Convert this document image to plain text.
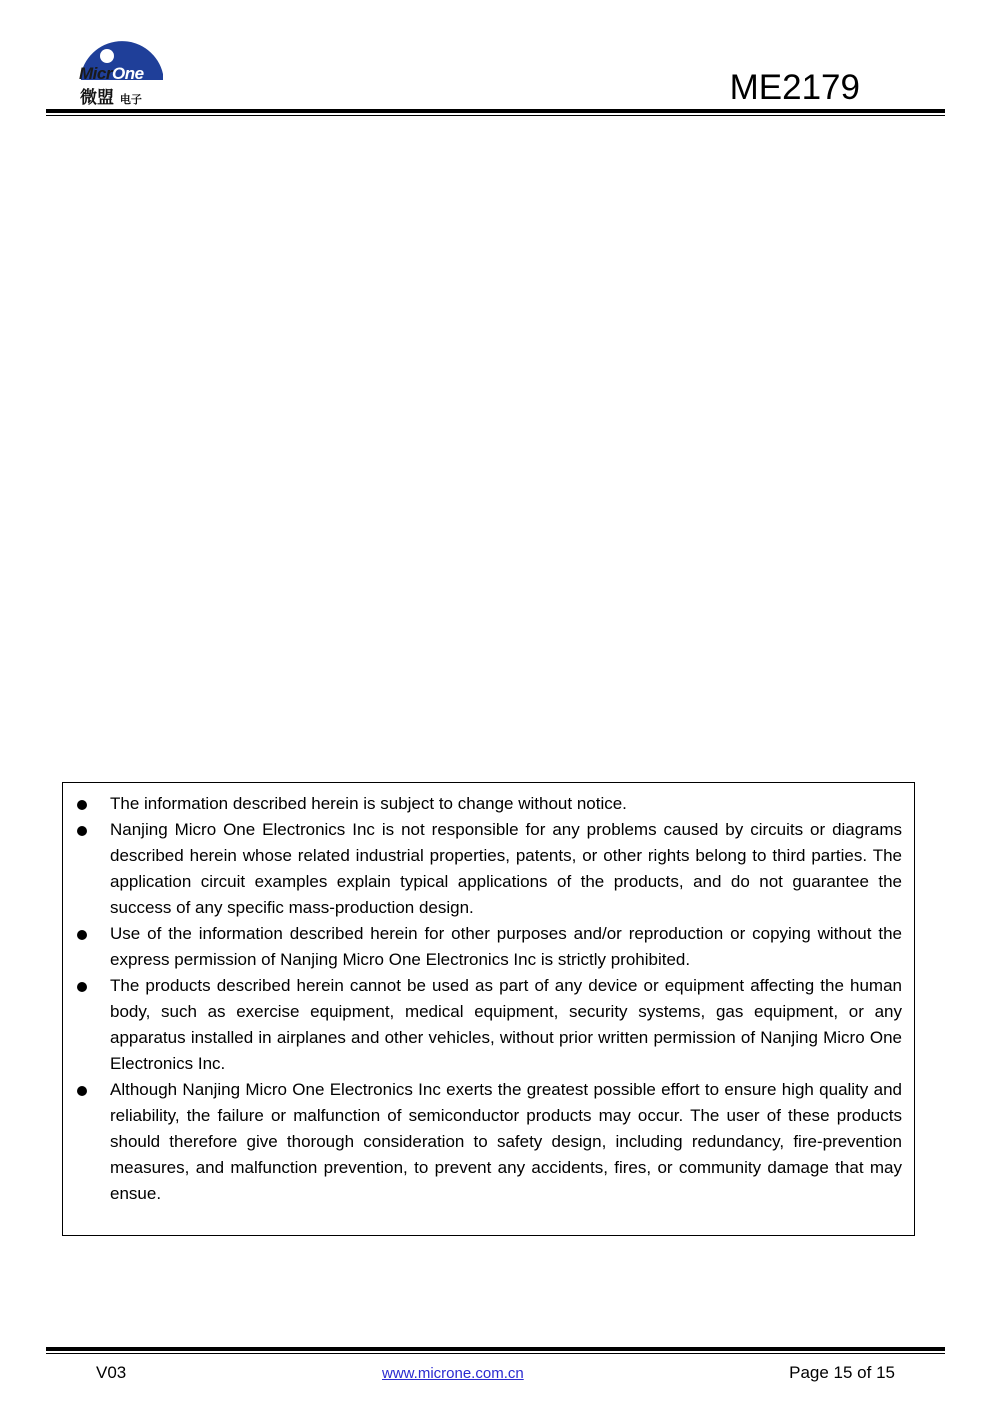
MicrOne
微盟 电子	ME2179
The information described herein is subject to change without notice.
Nanjing Micro One Electronics Inc is not responsible for any problems caused by circuits or diagrams described herein whose related industrial properties, patents, or other rights belong to third parties. The application circuit examples explain typical applications of the products, and do not guarantee the success of any specific mass-production design.
Use of the information described herein for other purposes and/or reproduction or copying without the express permission of Nanjing Micro One Electronics Inc is strictly prohibited.
The products described herein cannot be used as part of any device or equipment affecting the human body, such as exercise equipment, medical equipment, security systems, gas equipment, or any apparatus installed in airplanes and other vehicles, without prior written permission of Nanjing Micro One Electronics Inc.
Although Nanjing Micro One Electronics Inc exerts the greatest possible effort to ensure high quality and reliability, the failure or malfunction of semiconductor products may occur. The user of these products should therefore give thorough consideration to safety design, including redundancy, fire-prevention measures, and malfunction prevention, to prevent any accidents, fires, or community damage that may ensue.
V03	www.microne.com.cn	Page 15 of 15
